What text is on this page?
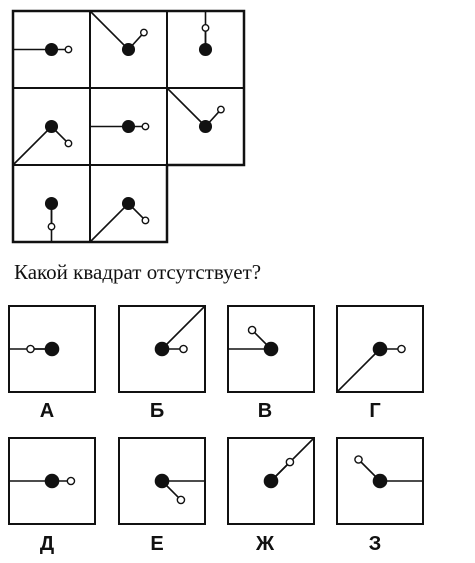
Какой квадрат отсутствует?
А	Б	В	Г
Д	Е	Ж	З
